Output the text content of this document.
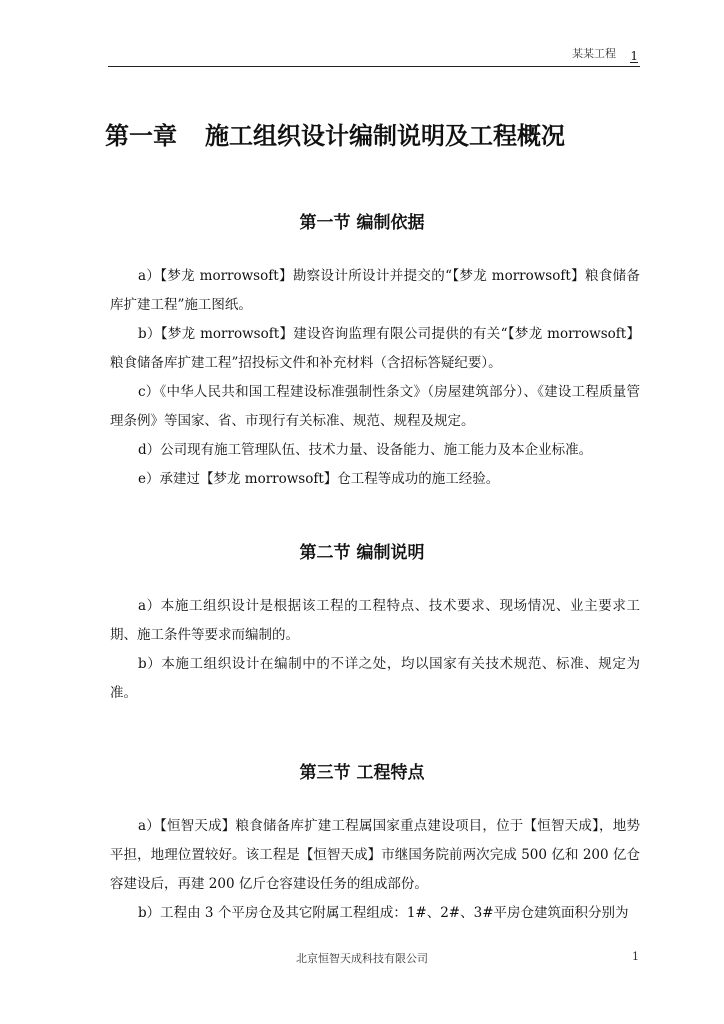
某某工程 1
第一章 施工组织设计编制说明及工程概况
第一节 编制依据

a）【梦龙 morrowsoft】勘察设计所设计并提交的“【梦龙 morrowsoft】粮食储备库扩建工程”施工图纸。

b）【梦龙 morrowsoft】建设咨询监理有限公司提供的有关“【梦龙 morrowsoft】粮食储备库扩建工程”招投标文件和补充材料（含招标答疑纪要）。

c）《中华人民共和国工程建设标准强制性条文》（房屋建筑部分）、《建设工程质量管理条例》等国家、省、市现行有关标准、规范、规程及规定。

d）公司现有施工管理队伍、技术力量、设备能力、施工能力及本企业标准。

e）承建过【梦龙 morrowsoft】仓工程等成功的施工经验。

第二节 编制说明

a）本施工组织设计是根据该工程的工程特点、技术要求、现场情况、业主要求工期、施工条件等要求而编制的。

b）本施工组织设计在编制中的不详之处，均以国家有关技术规范、标准、规定为准。

第三节 工程特点

a）【恒智天成】粮食储备库扩建工程属国家重点建设项目，位于【恒智天成】，地势平担，地理位置较好。该工程是【恒智天成】市继国务院前两次完成 500 亿和 200 亿仓容建设后，再建 200 亿斤仓容建设任务的组成部份。

b）工程由 3 个平房仓及其它附属工程组成：1#、2#、3#平房仓建筑面积分别为

北京恒智天成科技有限公司	1
